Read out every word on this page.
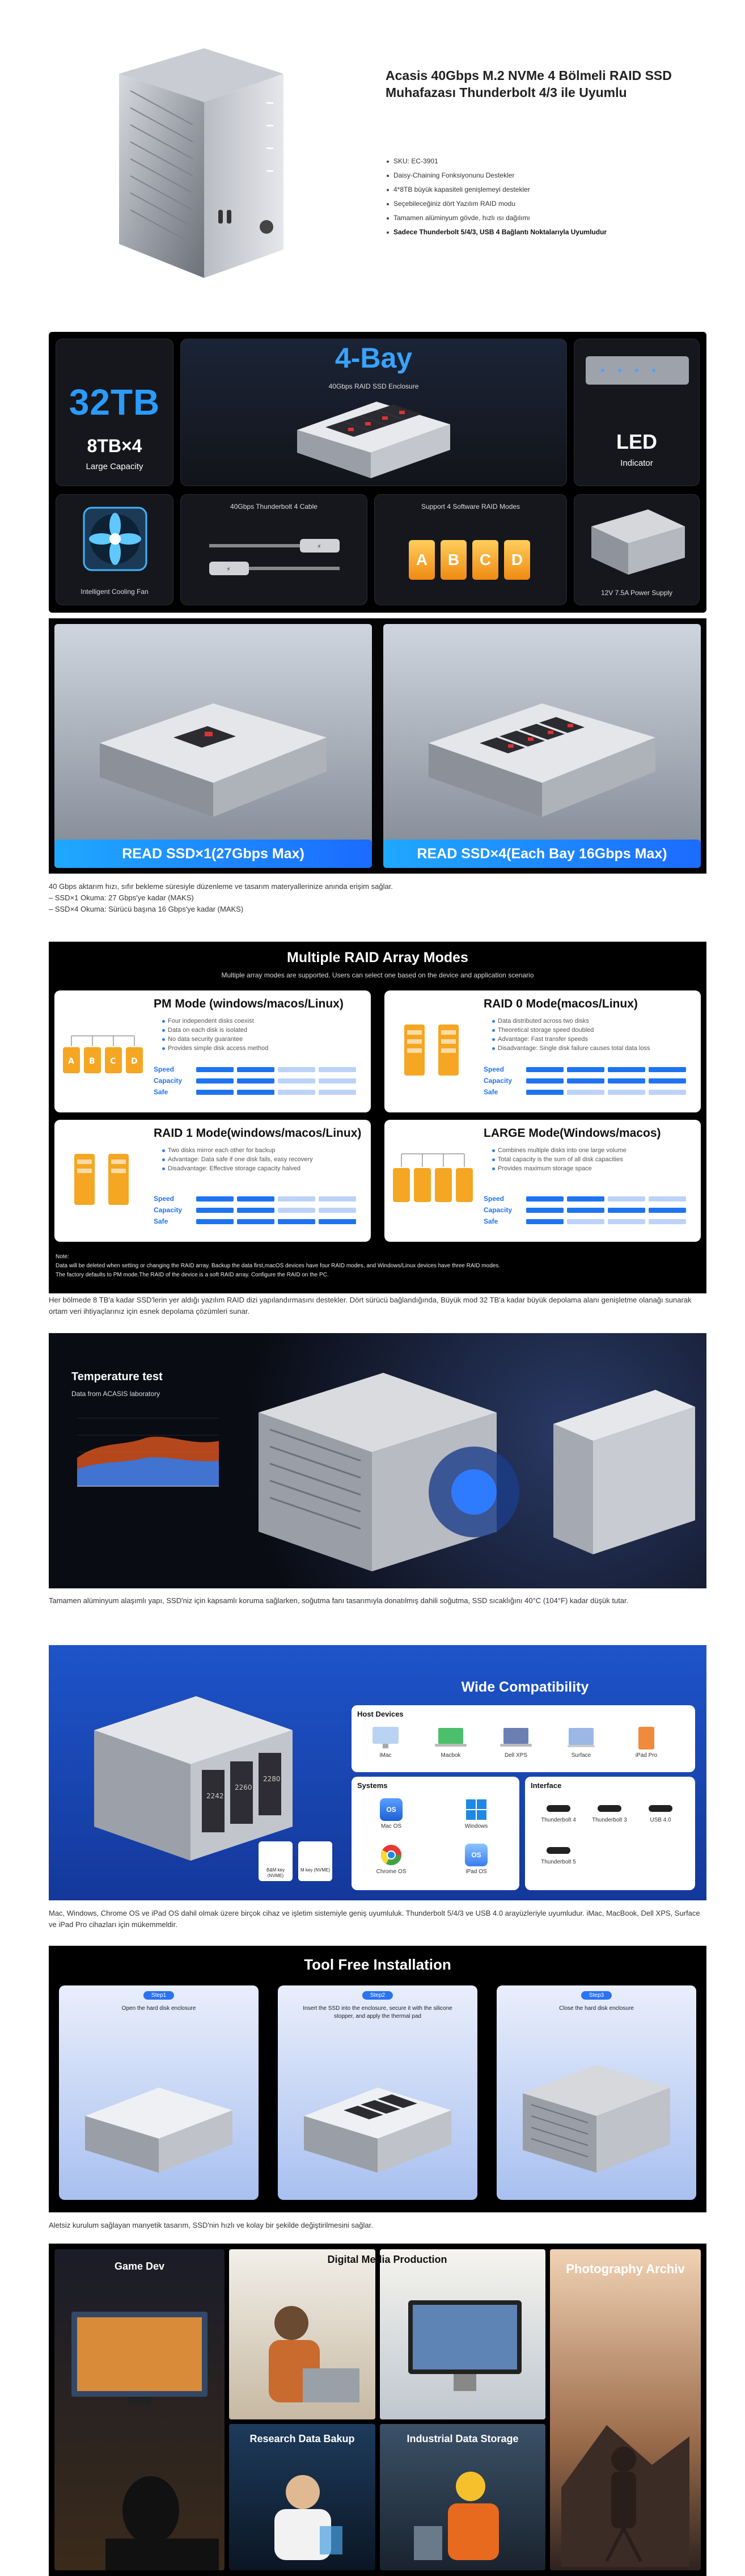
Acasis 40Gbps M.2 NVMe 4 Bölmeli RAID SSD Muhafazası Thunderbolt 4/3 ile Uyumlu
SKU: EC-3901
Daisy-Chaining Fonksiyonunu Destekler
4*8TB büyük kapasiteli genişlemeyi destekler
Seçebileceğiniz dört Yazılım RAID modu
Tamamen alüminyum gövde, hızlı ısı dağılımı
Sadece Thunderbolt 5/4/3, USB 4 Bağlantı Noktalarıyla Uyumludur
32TB
8TB×4
Large Capacity
4-Bay
40Gbps RAID SSD Enclosure
LED
Indicator
Intelligent Cooling Fan
40Gbps Thunderbolt 4 Cable
⚡
⚡
Support 4 Software RAID Modes
A	B	C	D
12V 7.5A Power Supply
READ SSD×1(27Gbps Max)	READ SSD×4(Each Bay 16Gbps Max)
40 Gbps aktarım hızı, sıfır bekleme süresiyle düzenleme ve tasarım materyallerinize anında erişim sağlar.
– SSD×1 Okuma: 27 Gbps'ye kadar (MAKS)
– SSD×4 Okuma: Sürücü başına 16 Gbps'ye kadar (MAKS)
Multiple RAID Array Modes
Multiple array modes are supported. Users can select one based on the device and application scenario
A B C D
PM Mode (windows/macos/Linux)
Four independent disks coexist
Data on each disk is isolated
No data security guarantee
Provides simple disk access method
Speed
Capacity
Safe
RAID 0 Mode(macos/Linux)
Data distributed across two disks
Theoretical storage speed doubled
Advantage: Fast transfer speeds
Disadvantage: Single disk failure causes total data loss
Speed
Capacity
Safe
RAID 1 Mode(windows/macos/Linux)
Two disks mirror each other for backup
Advantage: Data safe if one disk fails, easy recovery
Disadvantage: Effective storage capacity halved
Speed
Capacity
Safe
LARGE Mode(Windows/macos)
Combines multiple disks into one large volume
Total capacity is the sum of all disk capacities
Provides maximum storage space
Speed
Capacity
Safe
Note:
Data will be deleted when setting or changing the RAID array. Backup the data first,macOS devices have four RAID modes, and Windows/Linux devices have three RAID modes.
The factory defaults to PM mode.The RAID of the device is a soft RAID array. Configure the RAID on the PC.
Her bölmede 8 TB'a kadar SSD'lerin yer aldığı yazılım RAID dizi yapılandırmasını destekler. Dört sürücü bağlandığında, Büyük mod 32 TB'a kadar büyük depolama alanı genişletme olanağı sunarak ortam veri ihtiyaçlarınız için esnek depolama çözümleri sunar.
Temperature test
Data from ACASIS laboratory
Tamamen alüminyum alaşımlı yapı, SSD'niz için kapsamlı koruma sağlarken, soğutma fanı tasarımıyla donatılmış dahili soğutma, SSD sıcaklığını 40°C (104°F) kadar düşük tutar.
2242
2260
2280
B&M key (NVME)
M key (NVME)
Wide Compatibility
Host Devices
iMac	Macbok	Dell XPS	Surface	iPad Pro
Systems
OS
Mac OS	Windows
Chrome OS
OS
iPad OS
Interface
Thunderbolt 4	Thunderbolt 3	USB 4.0
Thunderbolt 5
Mac, Windows, Chrome OS ve iPad OS dahil olmak üzere birçok cihaz ve işletim sistemiyle geniş uyumluluk. Thunderbolt 5/4/3 ve USB 4.0 arayüzleriyle uyumludur. iMac, MacBook, Dell XPS, Surface ve iPad Pro cihazları için mükemmeldir.
Tool Free Installation
Step1
Open the hard disk enclosure
Step2
Insert the SSD into the enclosure, secure it with the silicone stopper, and apply the thermal pad
Step3
Close the hard disk enclosure
Aletsiz kurulum sağlayan manyetik tasarım, SSD'nin hızlı ve kolay bir şekilde değiştirilmesini sağlar.
Game Dev
Digital Media Production
Research Data Bakup	Industrial Data Storage
Photography Archiv
